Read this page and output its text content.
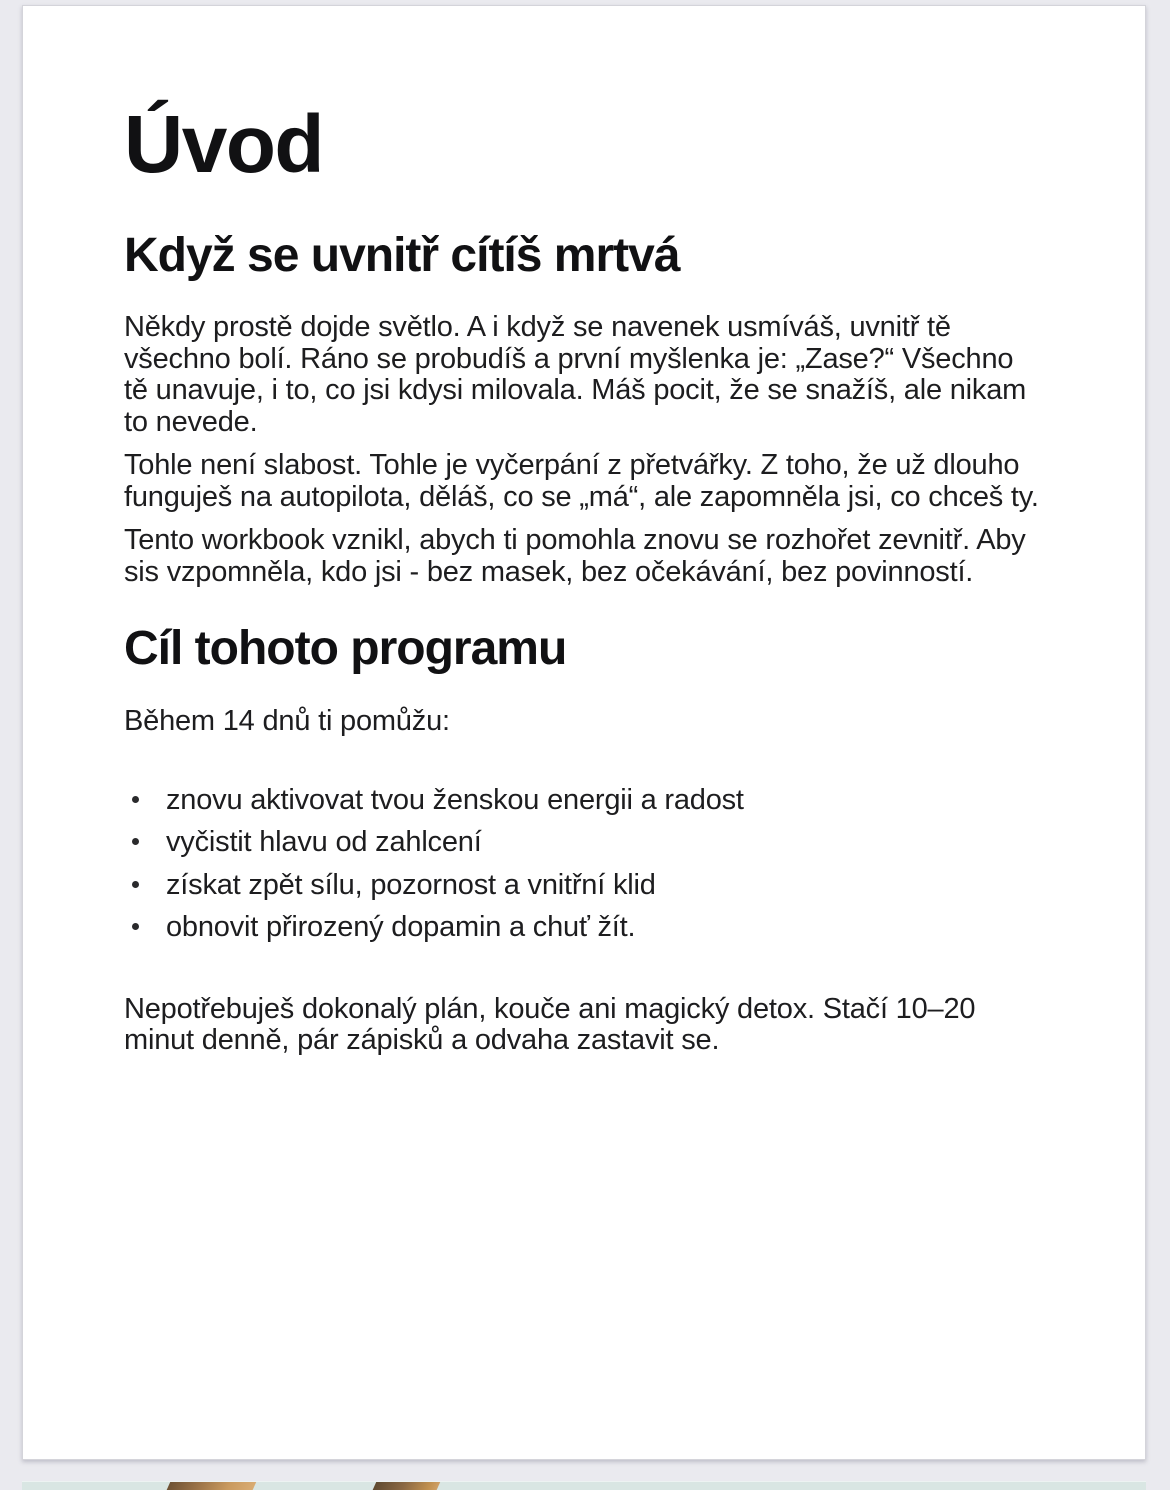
Úvod
Když se uvnitř cítíš mrtvá

Někdy prostě dojde světlo. A i když se navenek usmíváš, uvnitř tě všechno bolí. Ráno se probudíš a první myšlenka je: „Zase?“ Všechno tě unavuje, i to, co jsi kdysi milovala. Máš pocit, že se snažíš, ale nikam to nevede.

Tohle není slabost. Tohle je vyčerpání z přetvářky. Z toho, že už dlouho funguješ na autopilota, děláš, co se „má“, ale zapomněla jsi, co chceš ty.

Tento workbook vznikl, abych ti pomohla znovu se rozhořet zevnitř. Aby sis vzpomněla, kdo jsi - bez masek, bez očekávání, bez povinností.

Cíl tohoto programu

Během 14 dnů ti pomůžu:

znovu aktivovat tvou ženskou energii a radost
vyčistit hlavu od zahlcení
získat zpět sílu, pozornost a vnitřní klid
obnovit přirozený dopamin a chuť žít.

Nepotřebuješ dokonalý plán, kouče ani magický detox. Stačí 10–20 minut denně, pár zápisků a odvaha zastavit se.
